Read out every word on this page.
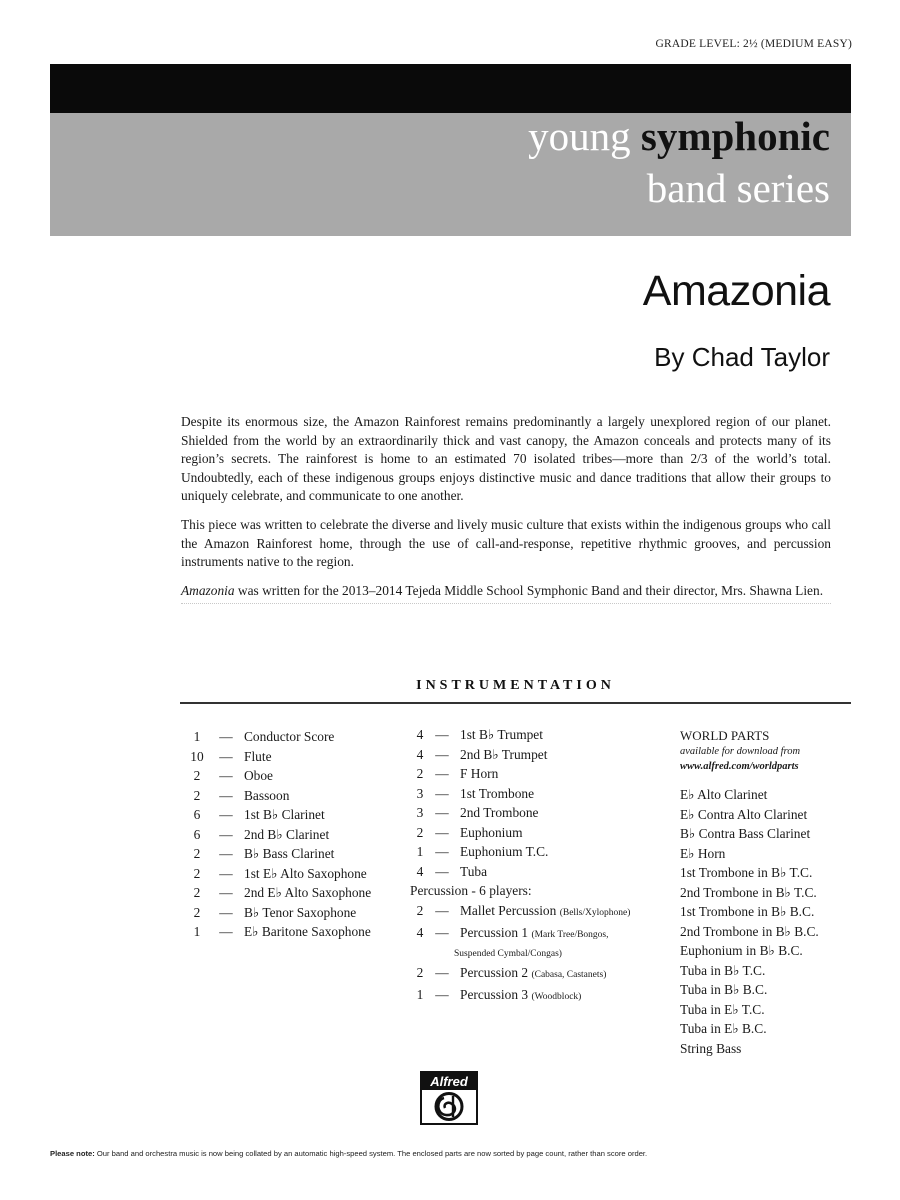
GRADE LEVEL: 2½ (MEDIUM EASY)
young symphonic
band series
Amazonia
By Chad Taylor

Despite its enormous size, the Amazon Rainforest remains predominantly a largely unexplored region of our planet. Shielded from the world by an extraordinarily thick and vast canopy, the Amazon conceals and protects many of its region’s secrets. The rainforest is home to an estimated 70 isolated tribes—more than 2/3 of the world’s total. Undoubtedly, each of these indigenous groups enjoys distinctive music and dance traditions that allow their groups to uniquely celebrate, and communicate to one another.

This piece was written to celebrate the diverse and lively music culture that exists within the indigenous groups who call the Amazon Rainforest home, through the use of call-and-response, repetitive rhythmic grooves, and percussion instruments native to the region.

Amazonia was written for the 2013–2014 Tejeda Middle School Symphonic Band and their director, Mrs. Shawna Lien.

INSTRUMENTATION
1	— Conductor Score
10	— Flute
2	— Oboe
2	— Bassoon
6	— 1st B♭ Clarinet
6	— 2nd B♭ Clarinet
2	— B♭ Bass Clarinet
2	— 1st E♭ Alto Saxophone
2	— 2nd E♭ Alto Saxophone
2	— B♭ Tenor Saxophone
1	— E♭ Baritone Saxophone
4 — 1st B♭ Trumpet
4 — 2nd B♭ Trumpet
2 — F Horn
3 — 1st Trombone
3 — 2nd Trombone
2 — Euphonium
1 — Euphonium T.C.
4 — Tuba
Percussion - 6 players:
2 — Mallet Percussion (Bells/Xylophone)
4 — Percussion 1 (Mark Tree/Bongos,
Suspended Cymbal/Congas)
2 — Percussion 2 (Cabasa, Castanets)
1 — Percussion 3 (Woodblock)
WORLD PARTS
available for download from
www.alfred.com/worldparts
E♭ Alto Clarinet
E♭ Contra Alto Clarinet
B♭ Contra Bass Clarinet
E♭ Horn
1st Trombone in B♭ T.C.
2nd Trombone in B♭ T.C.
1st Trombone in B♭ B.C.
2nd Trombone in B♭ B.C.
Euphonium in B♭ B.C.
Tuba in B♭ T.C.
Tuba in B♭ B.C.
Tuba in E♭ T.C.
Tuba in E♭ B.C.
String Bass
Alfred
Please note: Our band and orchestra music is now being collated by an automatic high-speed system. The enclosed parts are now sorted by page count, rather than score order.
